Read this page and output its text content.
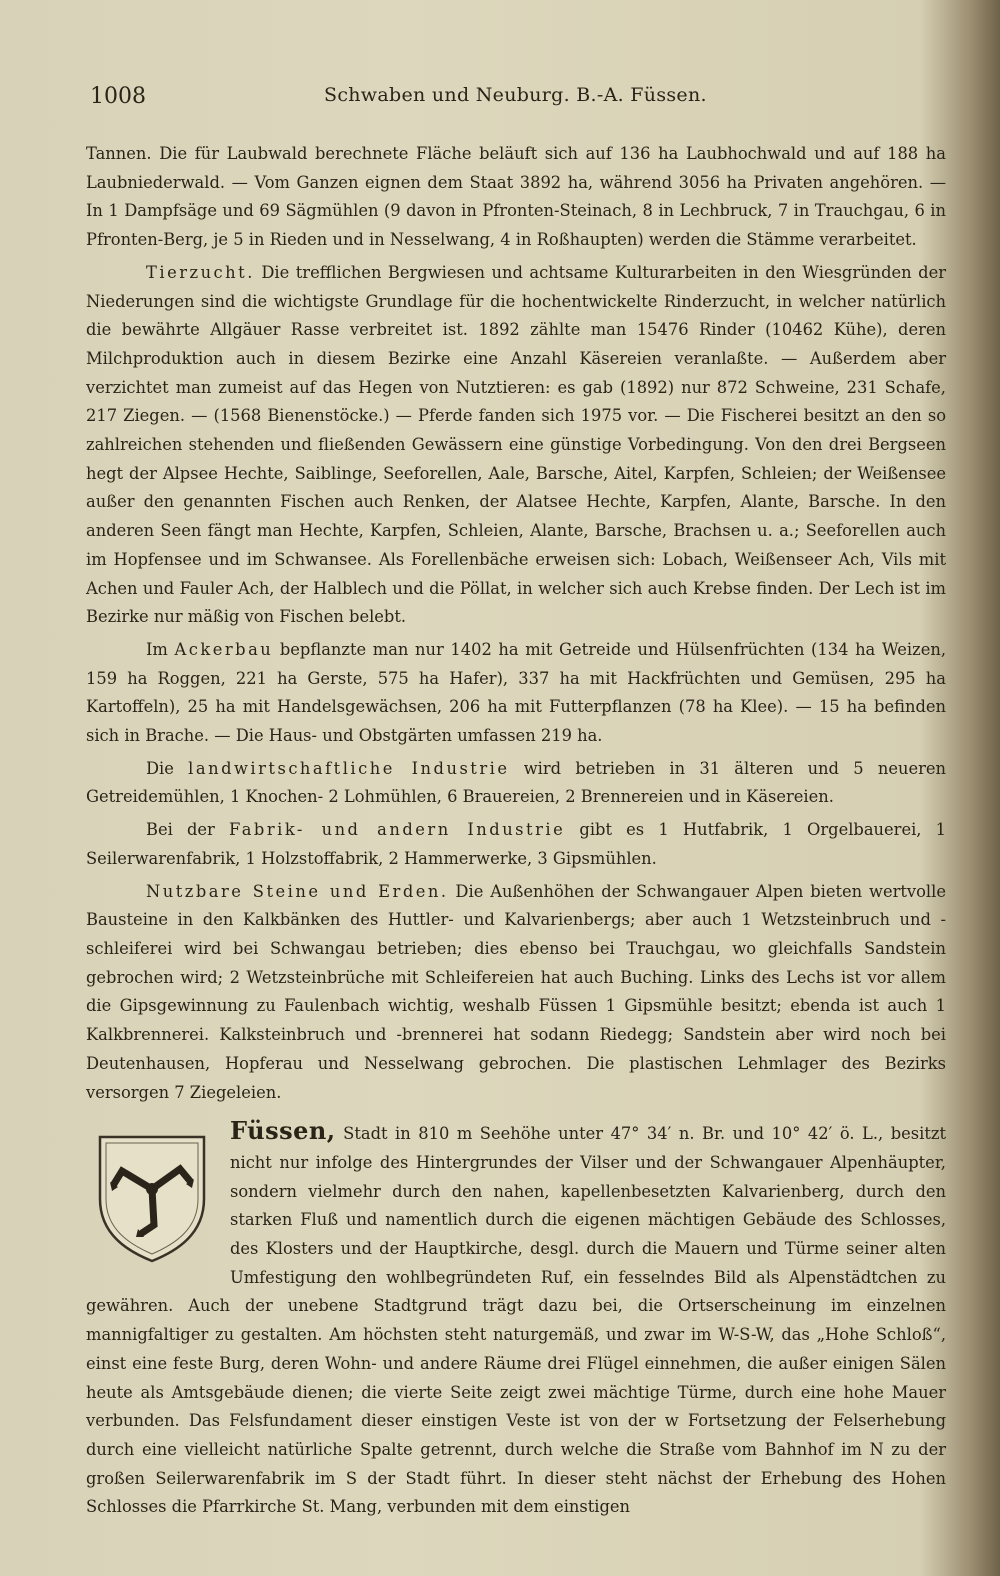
1008	Schwaben und Neuburg. B.-A. Füssen.

Tannen. Die für Laubwald berechnete Fläche beläuft sich auf 136 ha Laubhochwald und auf 188 ha Laubniederwald. — Vom Ganzen eignen dem Staat 3892 ha, während 3056 ha Privaten angehören. — In 1 Dampfsäge und 69 Sägmühlen (9 davon in Pfronten-Steinach, 8 in Lechbruck, 7 in Trauchgau, 6 in Pfronten-Berg, je 5 in Rieden und in Nesselwang, 4 in Roßhaupten) werden die Stämme verarbeitet.

Tierzucht. Die trefflichen Bergwiesen und achtsame Kulturarbeiten in den Wiesgründen der Niederungen sind die wichtigste Grundlage für die hochentwickelte Rinderzucht, in welcher natürlich die bewährte Allgäuer Rasse verbreitet ist. 1892 zählte man 15476 Rinder (10462 Kühe), deren Milchproduktion auch in diesem Bezirke eine Anzahl Käsereien veranlaßte. — Außerdem aber verzichtet man zumeist auf das Hegen von Nutztieren: es gab (1892) nur 872 Schweine, 231 Schafe, 217 Ziegen. — (1568 Bienenstöcke.) — Pferde fanden sich 1975 vor. — Die Fischerei besitzt an den so zahlreichen stehenden und fließenden Gewässern eine günstige Vorbedingung. Von den drei Bergseen hegt der Alpsee Hechte, Saiblinge, Seeforellen, Aale, Barsche, Aitel, Karpfen, Schleien; der Weißensee außer den genannten Fischen auch Renken, der Alatsee Hechte, Karpfen, Alante, Barsche. In den anderen Seen fängt man Hechte, Karpfen, Schleien, Alante, Barsche, Brachsen u. a.; Seeforellen auch im Hopfensee und im Schwansee. Als Forellenbäche erweisen sich: Lobach, Weißenseer Ach, Vils mit Achen und Fauler Ach, der Halblech und die Pöllat, in welcher sich auch Krebse finden. Der Lech ist im Bezirke nur mäßig von Fischen belebt.

Im Ackerbau bepflanzte man nur 1402 ha mit Getreide und Hülsenfrüchten (134 ha Weizen, 159 ha Roggen, 221 ha Gerste, 575 ha Hafer), 337 ha mit Hackfrüchten und Gemüsen, 295 ha Kartoffeln), 25 ha mit Handelsgewächsen, 206 ha mit Futterpflanzen (78 ha Klee). — 15 ha befinden sich in Brache. — Die Haus- und Obstgärten umfassen 219 ha.

Die landwirtschaftliche Industrie wird betrieben in 31 älteren und 5 neueren Getreidemühlen, 1 Knochen- 2 Lohmühlen, 6 Brauereien, 2 Brennereien und in Käsereien.

Bei der Fabrik- und andern Industrie gibt es 1 Hutfabrik, 1 Orgelbauerei, 1 Seilerwarenfabrik, 1 Holzstoffabrik, 2 Hammerwerke, 3 Gipsmühlen.

Nutzbare Steine und Erden. Die Außenhöhen der Schwangauer Alpen bieten wertvolle Bausteine in den Kalkbänken des Huttler- und Kalvarienbergs; aber auch 1 Wetzsteinbruch und -schleiferei wird bei Schwangau betrieben; dies ebenso bei Trauchgau, wo gleichfalls Sandstein gebrochen wird; 2 Wetzsteinbrüche mit Schleifereien hat auch Buching. Links des Lechs ist vor allem die Gipsgewinnung zu Faulenbach wichtig, weshalb Füssen 1 Gipsmühle besitzt; ebenda ist auch 1 Kalkbrennerei. Kalksteinbruch und -brennerei hat sodann Riedegg; Sandstein aber wird noch bei Deutenhausen, Hopferau und Nesselwang gebrochen. Die plastischen Lehmlager des Bezirks versorgen 7 Ziegeleien.

Füssen,
Stadt in 810 m Seehöhe unter 47° 34′ n. Br. und 10° 42′ ö. L., besitzt nicht nur infolge des Hintergrundes der Vilser und der Schwangauer Alpenhäupter, sondern vielmehr durch den nahen, kapellenbesetzten Kalvarienberg, durch den starken Fluß und namentlich durch die eigenen mächtigen Gebäude des Schlosses, des Klosters und der Hauptkirche, desgl. durch die Mauern und Türme seiner alten Umfestigung den wohlbegründeten Ruf, ein fesselndes Bild als Alpenstädtchen zu gewähren. Auch der unebene Stadtgrund trägt dazu bei, die Ortserscheinung im einzelnen mannigfaltiger zu gestalten. Am höchsten steht naturgemäß, und zwar im W-S-W, das „Hohe Schloß“, einst eine feste Burg, deren Wohn- und andere Räume drei Flügel einnehmen, die außer einigen Sälen heute als Amtsgebäude dienen; die vierte Seite zeigt zwei mächtige Türme, durch eine hohe Mauer verbunden. Das Felsfundament dieser einstigen Veste ist von der w Fortsetzung der Felserhebung durch eine vielleicht natürliche Spalte getrennt, durch welche die Straße vom Bahnhof im N zu der großen Seilerwarenfabrik im S der Stadt führt. In dieser steht nächst der Erhebung des Hohen Schlosses die Pfarrkirche St. Mang, verbunden mit dem einstigen
